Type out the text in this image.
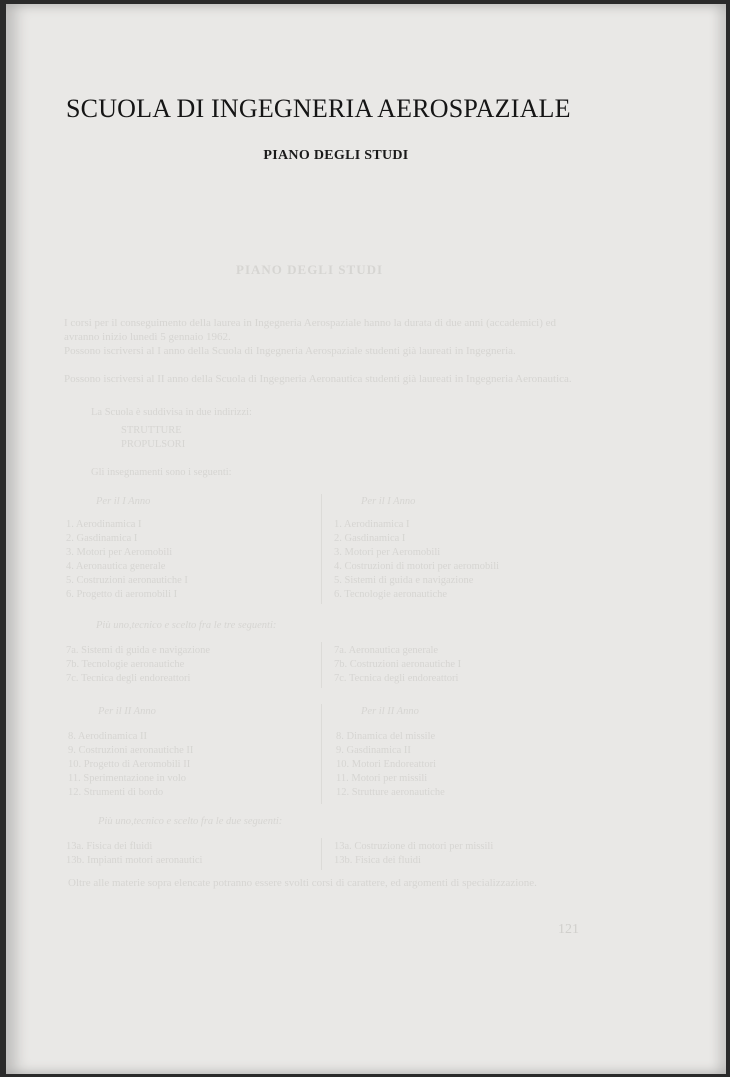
SCUOLA DI INGEGNERIA AEROSPAZIALE
PIANO DEGLI STUDI
PIANO DEGLI STUDI
I corsi per il conseguimento della laurea in Ingegneria Aerospaziale hanno la durata di due anni (accademici) ed avranno inizio lunedì 5 gennaio 1962.
Possono iscriversi al I anno della Scuola di Ingegneria Aerospaziale studenti già laureati in Ingegneria.
Possono iscriversi al II anno della Scuola di Ingegneria Aeronautica studenti già laureati in Ingegneria Aeronautica.
La Scuola è suddivisa in due indirizzi:
STRUTTURE
PROPULSORI
Gli insegnamenti sono i seguenti:
Per il I Anno	Per il I Anno
1. Aerodinamica I
2. Gasdinamica I
3. Motori per Aeromobili
4. Aeronautica generale
5. Costruzioni aeronautiche I
6. Progetto di aeromobili I
1. Aerodinamica I
2. Gasdinamica I
3. Motori per Aeromobili
4. Costruzioni di motori per aeromobili
5. Sistemi di guida e navigazione
6. Tecnologie aeronautiche
Più uno,tecnico e scelto fra le tre seguenti:
7a. Sistemi di guida e navigazione
7b. Tecnologie aeronautiche
7c. Tecnica degli endoreattori
7a. Aeronautica generale
7b. Costruzioni aeronautiche I
7c. Tecnica degli endoreattori
Per il II Anno	Per il II Anno
8. Aerodinamica II
9. Costruzioni aeronautiche II
10. Progetto di Aeromobili II
11. Sperimentazione in volo
12. Strumenti di bordo
8. Dinamica del missile
9. Gasdinamica II
10. Motori Endoreattori
11. Motori per missili
12. Strutture aeronautiche
Più uno,tecnico e scelto fra le due seguenti:
13a. Fisica dei fluidi
13b. Impianti motori aeronautici
13a. Costruzione di motori per missili
13b. Fisica dei fluidi
Oltre alle materie sopra elencate potranno essere svolti corsi di carattere, ed argomenti di specializzazione.
121
